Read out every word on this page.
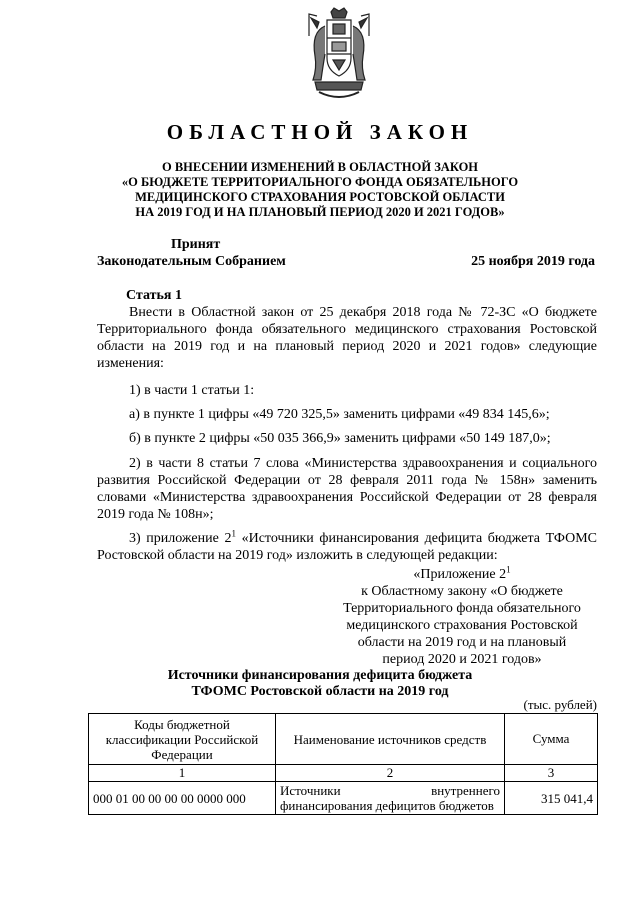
ОБЛАСТНОЙ ЗАКОН
О ВНЕСЕНИИ ИЗМЕНЕНИЙ В ОБЛАСТНОЙ ЗАКОН
«О БЮДЖЕТЕ ТЕРРИТОРИАЛЬНОГО ФОНДА ОБЯЗАТЕЛЬНОГО
МЕДИЦИНСКОГО СТРАХОВАНИЯ РОСТОВСКОЙ ОБЛАСТИ
НА 2019 ГОД И НА ПЛАНОВЫЙ ПЕРИОД 2020 И 2021 ГОДОВ»
Принят
Законодательным Собранием	25 ноября 2019 года
Статья 1
Внести в Областной закон от 25 декабря 2018 года № 72-ЗС «О бюджете Территориального фонда обязательного медицинского страхования Ростовской области на 2019 год и на плановый период 2020 и 2021 годов» следующие изменения:
1) в части 1 статьи 1:
а) в пункте 1 цифры «49 720 325,5» заменить цифрами «49 834 145,6»;
б) в пункте 2 цифры «50 035 366,9» заменить цифрами «50 149 187,0»;
2) в части 8 статьи 7 слова «Министерства здравоохранения и социального развития Российской Федерации от 28 февраля 2011 года № 158н» заменить словами «Министерства здравоохранения Российской Федерации от 28 февраля 2019 года № 108н»;
3) приложение $2^1$ «Источники финансирования дефицита бюджета ТФОМС Ростовской области на 2019 год» изложить в следующей редакции:
«Приложение $2^1$
к Областному закону «О бюджете
Территориального фонда обязательного
медицинского страхования Ростовской
области на 2019 год и на плановый
период 2020 и 2021 годов»
Источники финансирования дефицита бюджета
ТФОМС Ростовской области на 2019 год
(тыс. рублей)
Коды бюджетной классификации Российской Федерации	Наименование источников средств	Сумма
1	2	3
000 01 00 00 00 00 0000 000	Источники внутреннего финансирования дефицитов бюджетов	315 041,4
